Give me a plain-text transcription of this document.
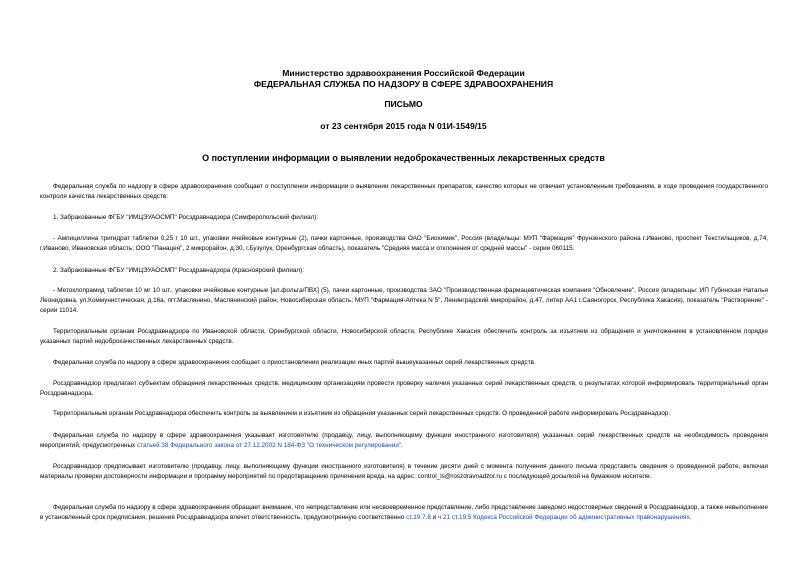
Министерство здравоохранения Российской Федерации
ФЕДЕРАЛЬНАЯ СЛУЖБА ПО НАДЗОРУ В СФЕРЕ ЗДРАВООХРАНЕНИЯ
ПИСЬМО
от 23 сентября 2015 года N 01И-1549/15
О поступлении информации о выявлении недоброкачественных лекарственных средств
Федеральная служба по надзору в сфере здравоохранения сообщает о поступлении информации о выявлении лекарственных препаратов, качество которых не отвечает установленным требованиям, в ходе проведения государственного контроля качества лекарственных средств:
1. Забракованные ФГБУ "ИМЦЭУАОСМП" Росздравнадзора (Симферопольский филиал):
- Ампициллина тригидрат таблетки 0,25 г 10 шт., упаковки ячейковые контурные (2), пачки картонные, производства ОАО "Биохимик", Россия (владельцы: МУП "Фармация" Фрунзенского района г.Иваново, проспект Текстильщиков, д.74, г.Иваново, Ивановская область; ООО "Панацея", 2 микрорайон, д.30, г.Бузулук, Оренбургская область), показатель "Средняя масса и отклонения от средней массы" - серии 060115.
2. Забракованные ФГБУ "ИМЦЭУАОСМП" Росздравнадзора (Красноярский филиал):
- Метоклопрамид таблетки 10 мг 10 шт., упаковки ячейковые контурные [ал.фольга/ПВХ] (5), пачки картонные, производства ЗАО "Производственная фармацевтическая компания "Обновление", Россия (владельцы: ИП Губинская Наталья Леонидовна, ул.Коммунистическая, д.16а, пгт.Маслянино, Маслянинский район, Новосибирская область; МУП "Фармация-Аптека N 5", Ленинградский микрорайон, д.47, литер АА1 г.Саяногорск, Республика Хакасия), показатель "Растворение" - серии 11014.
Территориальным органам Росздравнадзора по Ивановской области, Оренбургской области, Новосибирской области, Республике Хакасия обеспечить контроль за изъятием из обращения и уничтожением в установленном порядке указанных партий недоброкачественных лекарственных средств.
Федеральная служба по надзору в сфере здравоохранения сообщает о приостановлении реализации иных партий вышеуказанных серий лекарственных средств.
Росздравнадзор предлагает субъектам обращения лекарственных средств, медицинским организациям провести проверку наличия указанных серий лекарственных средств, о результатах которой информировать территориальный орган Росздравнадзора.
Территориальным органам Росздравнадзора обеспечить контроль за выявлением и изъятием из обращения указанных серий лекарственных средств. О проведенной работе информировать Росздравнадзор.
Федеральная служба по надзору в сфере здравоохранения указывает изготовителю (продавцу, лицу, выполняющему функции иностранного изготовителя) указанных серий лекарственных средств на необходимость проведения мероприятий, предусмотренных статьей 38 Федерального закона от 27.12.2002 N 184-ФЗ "О техническом регулировании".
Росздравнадзор предписывает изготовителю (продавцу, лицу, выполняющему функции иностранного изготовителя) в течение десяти дней с момента получения данного письма представить сведения о проведенной работе, включая материалы проверки достоверности информации и программу мероприятий по предотвращению причинения вреда, на адрес: control_ls@roszdravnadzor.ru с последующей досылкой на бумажном носителе.
Федеральная служба по надзору в сфере здравоохранения обращает внимание, что непредставление или несвоевременное представление, либо представление заведомо недостоверных сведений в Росздравнадзор, а также невыполнение в установленный срок предписания, решения Росздравнадзора влечет ответственность, предусмотренную соответственно ст.19.7.8 и ч.21 ст.19.5 Кодекса Российской Федерации об административных правонарушениях.
